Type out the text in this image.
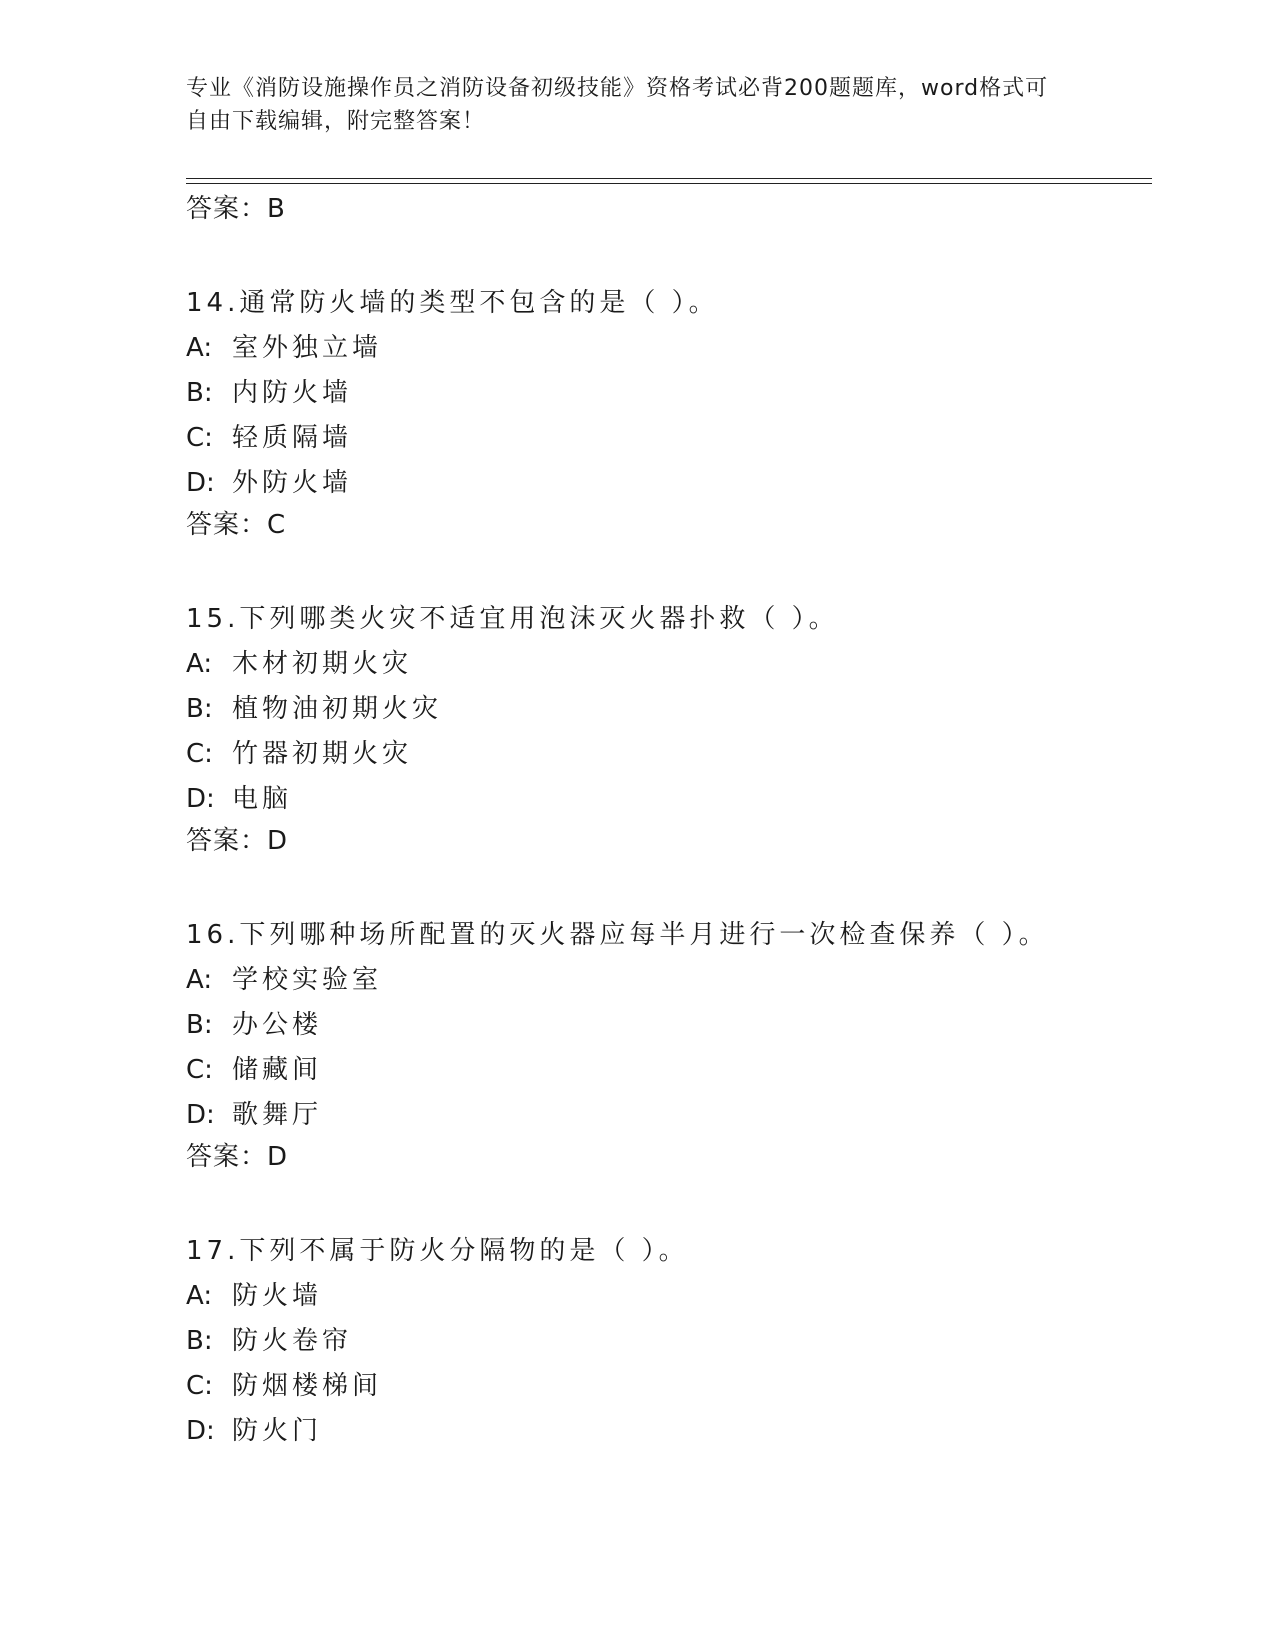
专业《消防设施操作员之消防设备初级技能》资格考试必背200题题库，word格式可自由下载编辑，附完整答案！
答案：B
14.通常防火墙的类型不包含的是（ ）。
A: 室外独立墙
B: 内防火墙
C: 轻质隔墙
D: 外防火墙
答案：C
15.下列哪类火灾不适宜用泡沫灭火器扑救（ ）。
A: 木材初期火灾
B: 植物油初期火灾
C: 竹器初期火灾
D: 电脑
答案：D
16.下列哪种场所配置的灭火器应每半月进行一次检查保养（ ）。
A: 学校实验室
B: 办公楼
C: 储藏间
D: 歌舞厅
答案：D
17.下列不属于防火分隔物的是（ ）。
A: 防火墙
B: 防火卷帘
C: 防烟楼梯间
D: 防火门
